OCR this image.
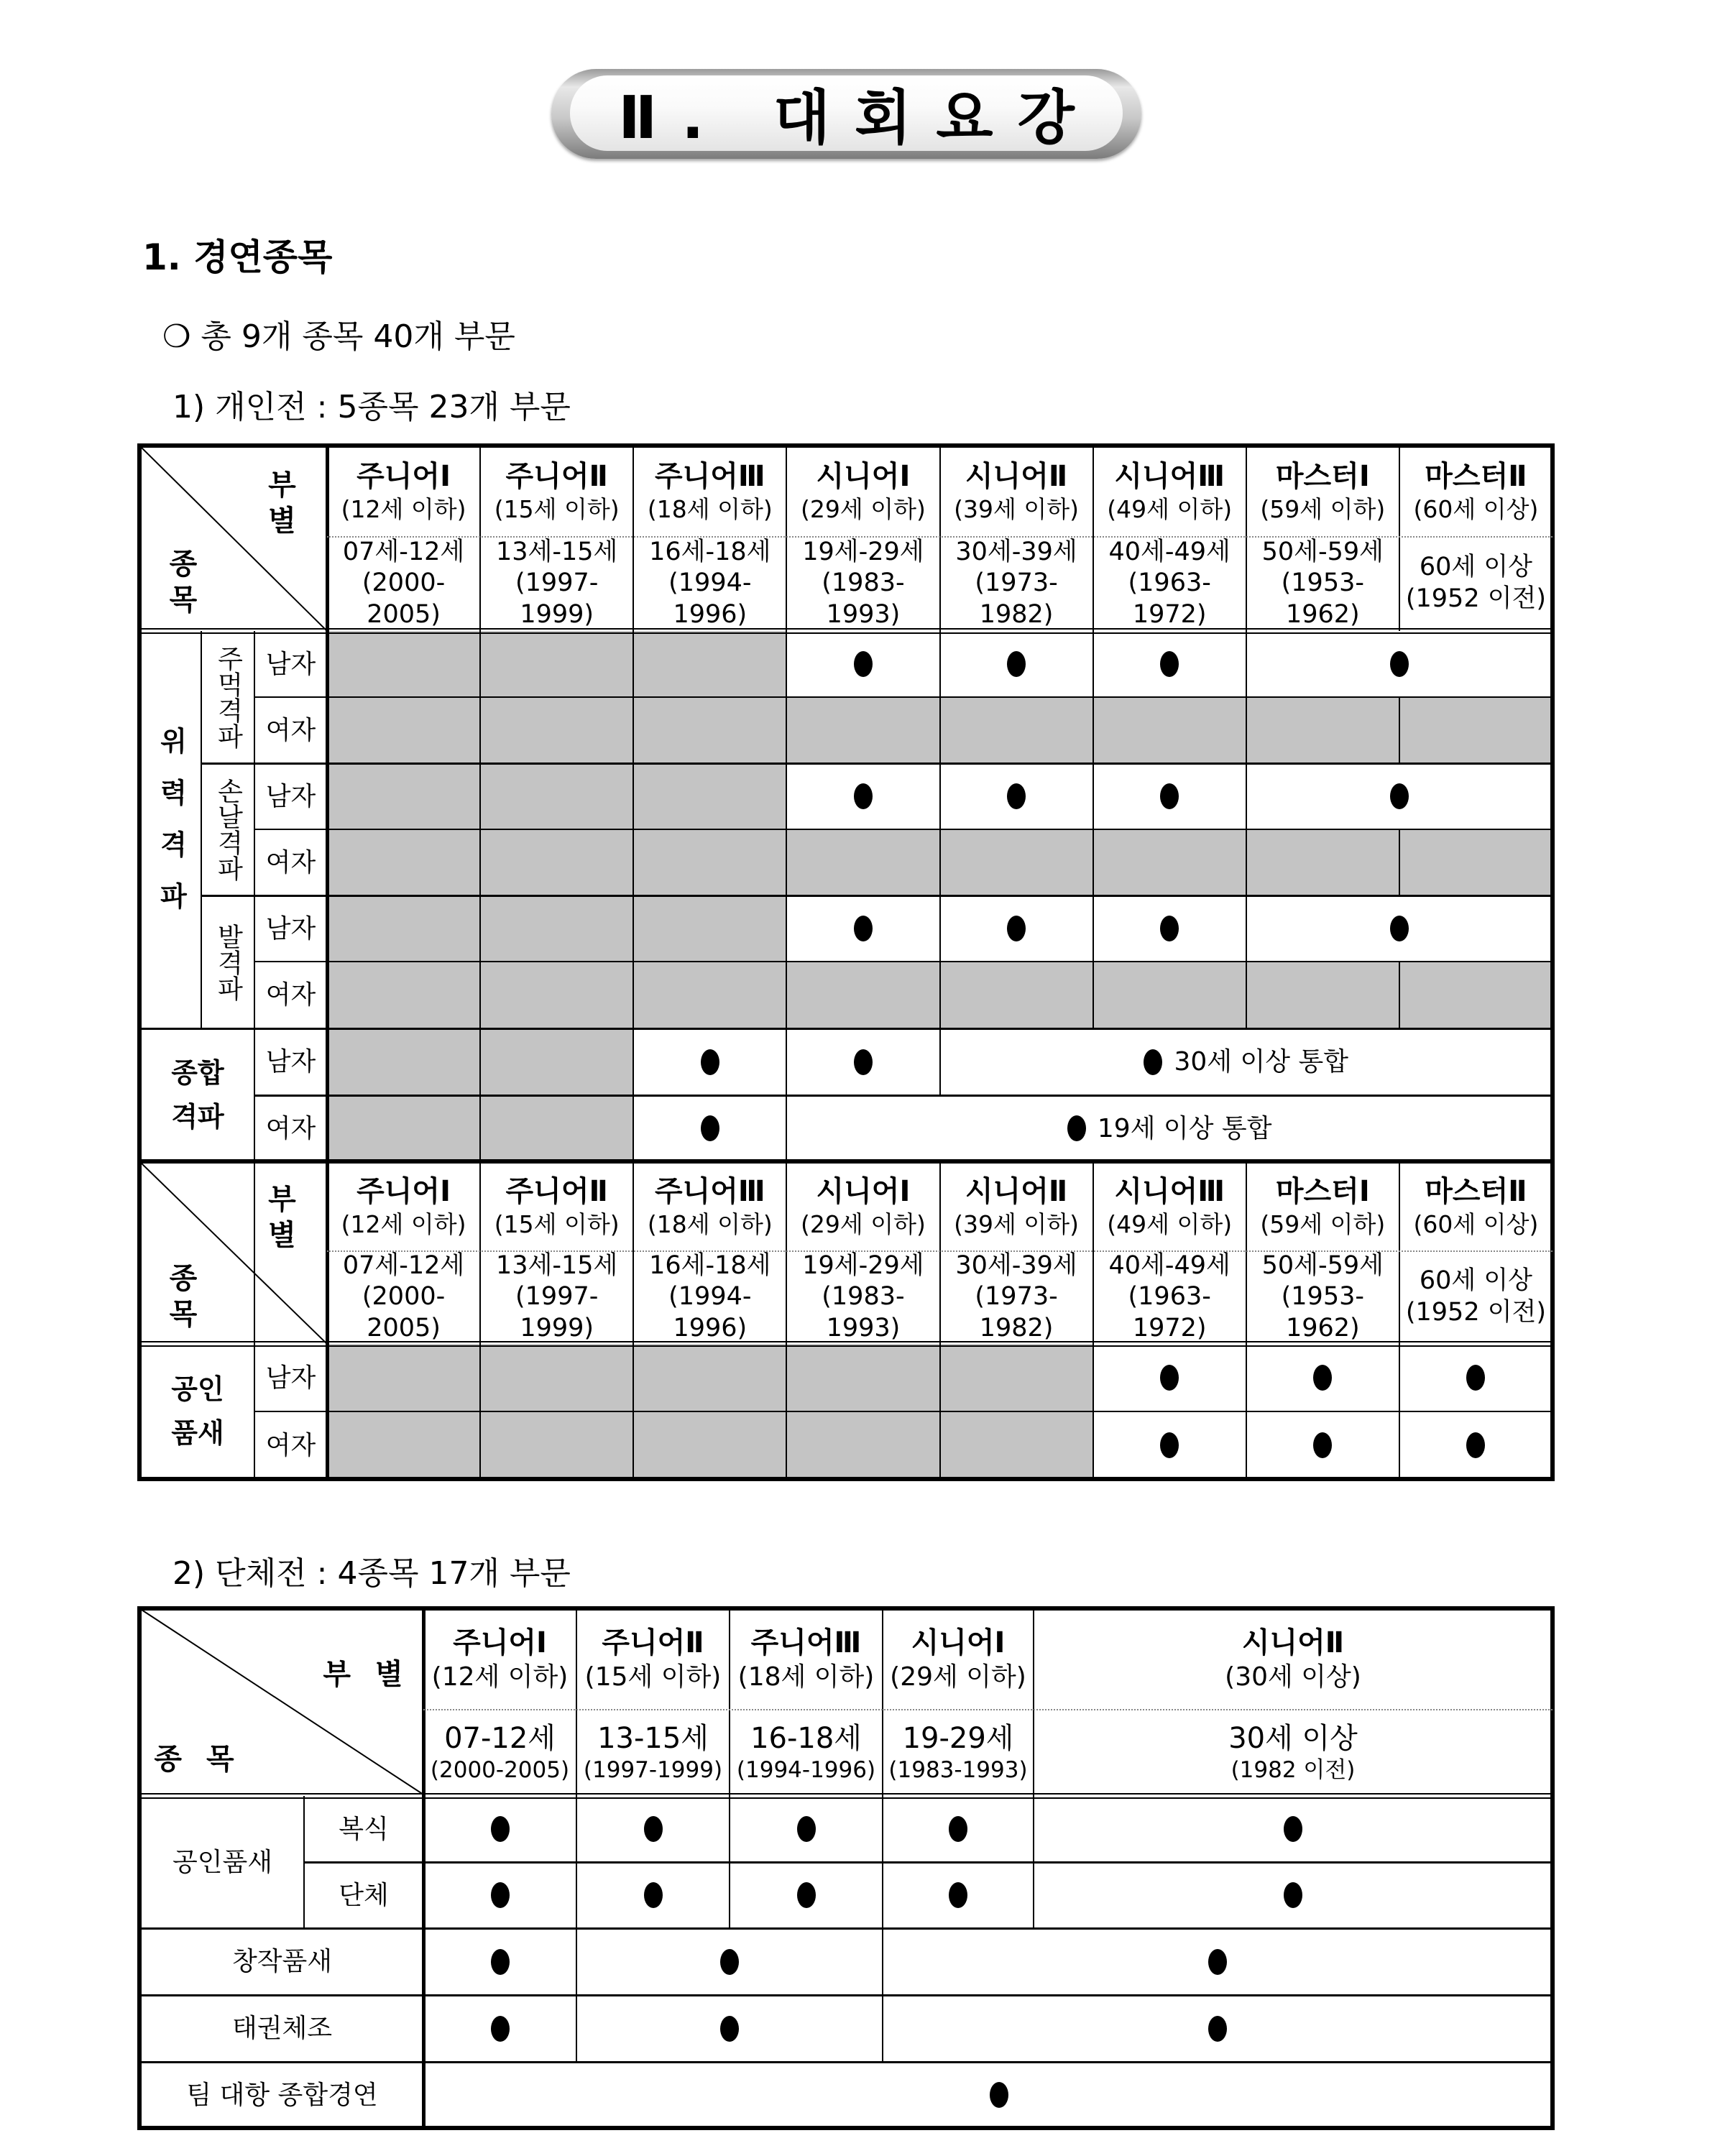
Ⅱ. 대회요강
1. 경연종목
❍ 총 9개 종목 40개 부문
1) 개인전 : 5종목 23개 부문
부 별
종 목
부 별
종 목
주니어Ⅰ
(12세 이하)
07세-12세
(2000-2005)
주니어Ⅱ
(15세 이하)
13세-15세
(1997-1999)
주니어Ⅲ
(18세 이하)
16세-18세
(1994-1996)
시니어Ⅰ
(29세 이하)
19세-29세
(1983-1993)
시니어Ⅱ
(39세 이하)
30세-39세
(1973-1982)
시니어Ⅲ
(49세 이하)
40세-49세
(1963-1972)
마스터Ⅰ
(59세 이하)
50세-59세
(1953-1962)
마스터Ⅱ
(60세 이상)
60세 이상
(1952 이전)
주니어Ⅰ
(12세 이하)
07세-12세
(2000-2005)
주니어Ⅱ
(15세 이하)
13세-15세
(1997-1999)
주니어Ⅲ
(18세 이하)
16세-18세
(1994-1996)
시니어Ⅰ
(29세 이하)
19세-29세
(1983-1993)
시니어Ⅱ
(39세 이하)
30세-39세
(1973-1982)
시니어Ⅲ
(49세 이하)
40세-49세
(1963-1972)
마스터Ⅰ
(59세 이하)
50세-59세
(1953-1962)
마스터Ⅱ
(60세 이상)
60세 이상
(1952 이전)
위력격파
주먹격파
손날격파
발격파
남자
여자
남자
여자
남자
여자
남자
여자
남자
여자
종합격파
공인품새
30세 이상 통합
19세 이상 통합
2) 단체전 : 4종목 17개 부문
부 별
종 목
주니어Ⅰ
(12세 이하)
07-12세
(2000-2005)
주니어Ⅱ
(15세 이하)
13-15세
(1997-1999)
주니어Ⅲ
(18세 이하)
16-18세
(1994-1996)
시니어Ⅰ
(29세 이하)
19-29세
(1983-1993)
시니어Ⅱ
(30세 이상)
30세 이상
(1982 이전)
공인품새
복식
단체
창작품새
태권체조
팀 대항 종합경연
